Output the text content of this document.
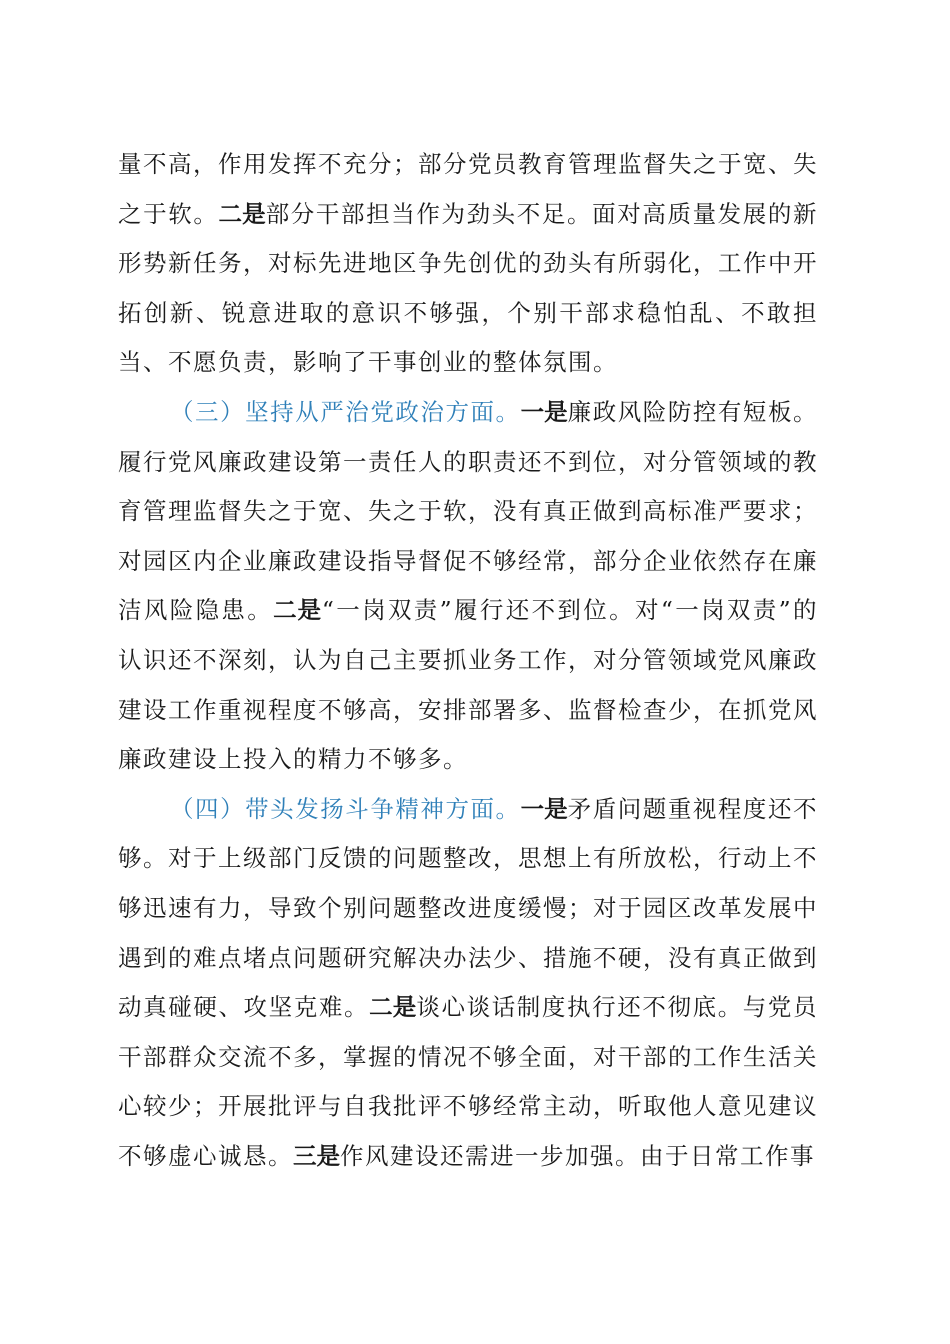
量不高，作用发挥不充分；部分党员教育管理监督失之于宽、失之于软。二是部分干部担当作为劲头不足。面对高质量发展的新形势新任务，对标先进地区争先创优的劲头有所弱化，工作中开拓创新、锐意进取的意识不够强，个别干部求稳怕乱、不敢担当、不愿负责，影响了干事创业的整体氛围。

（三）坚持从严治党政治方面。一是廉政风险防控有短板。履行党风廉政建设第一责任人的职责还不到位，对分管领域的教育管理监督失之于宽、失之于软，没有真正做到高标准严要求；对园区内企业廉政建设指导督促不够经常，部分企业依然存在廉洁风险隐患。二是“一岗双责”履行还不到位。对“一岗双责”的认识还不深刻，认为自己主要抓业务工作，对分管领域党风廉政建设工作重视程度不够高，安排部署多、监督检查少，在抓党风廉政建设上投入的精力不够多。

（四）带头发扬斗争精神方面。一是矛盾问题重视程度还不够。对于上级部门反馈的问题整改，思想上有所放松，行动上不够迅速有力，导致个别问题整改进度缓慢；对于园区改革发展中遇到的难点堵点问题研究解决办法少、措施不硬，没有真正做到动真碰硬、攻坚克难。二是谈心谈话制度执行还不彻底。与党员干部群众交流不多，掌握的情况不够全面，对干部的工作生活关心较少；开展批评与自我批评不够经常主动，听取他人意见建议不够虚心诚恳。三是作风建设还需进一步加强。由于日常工作事
